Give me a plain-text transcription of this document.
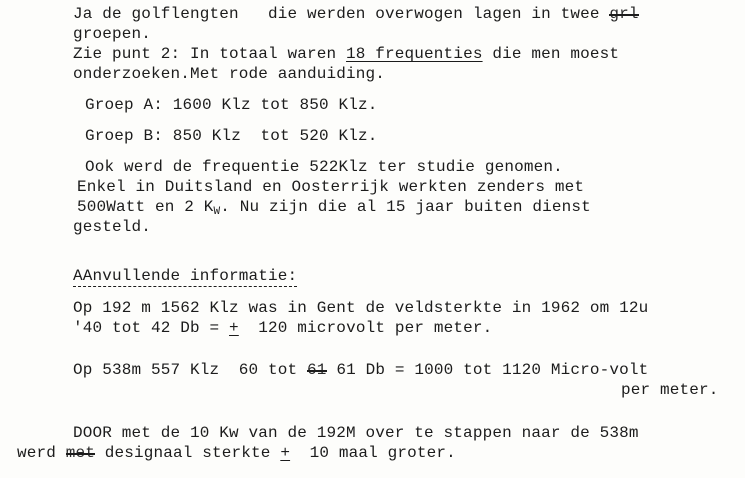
Ja de golflengten   die werden overwogen lagen in twee grl
groepen.
Zie punt 2: In totaal waren 18 frequenties die men moest
onderzoeken.Met rode aanduiding.
Groep A: 1600 Klz tot 850 Klz.
Groep B: 850 Klz  tot 520 Klz.
Ook werd de frequentie 522Klz ter studie genomen.
Enkel in Duitsland en Oosterrijk werkten zenders met
500Watt en 2 $K_W$. Nu zijn die al 15 jaar buiten dienst
gesteld.
AAnvullende informatie:
Op 192 m 1562 Klz was in Gent de veldsterkte in 1962 om 12u
'40 tot 42 Db = +  120 microvolt per meter.
Op 538m 557 Klz  60 tot 61 61 Db = 1000 tot 1120 Micro-volt
per meter.
DOOR met de 10 Kw van de 192M over te stappen naar de 538m
werd met designaal sterkte +  10 maal groter.
